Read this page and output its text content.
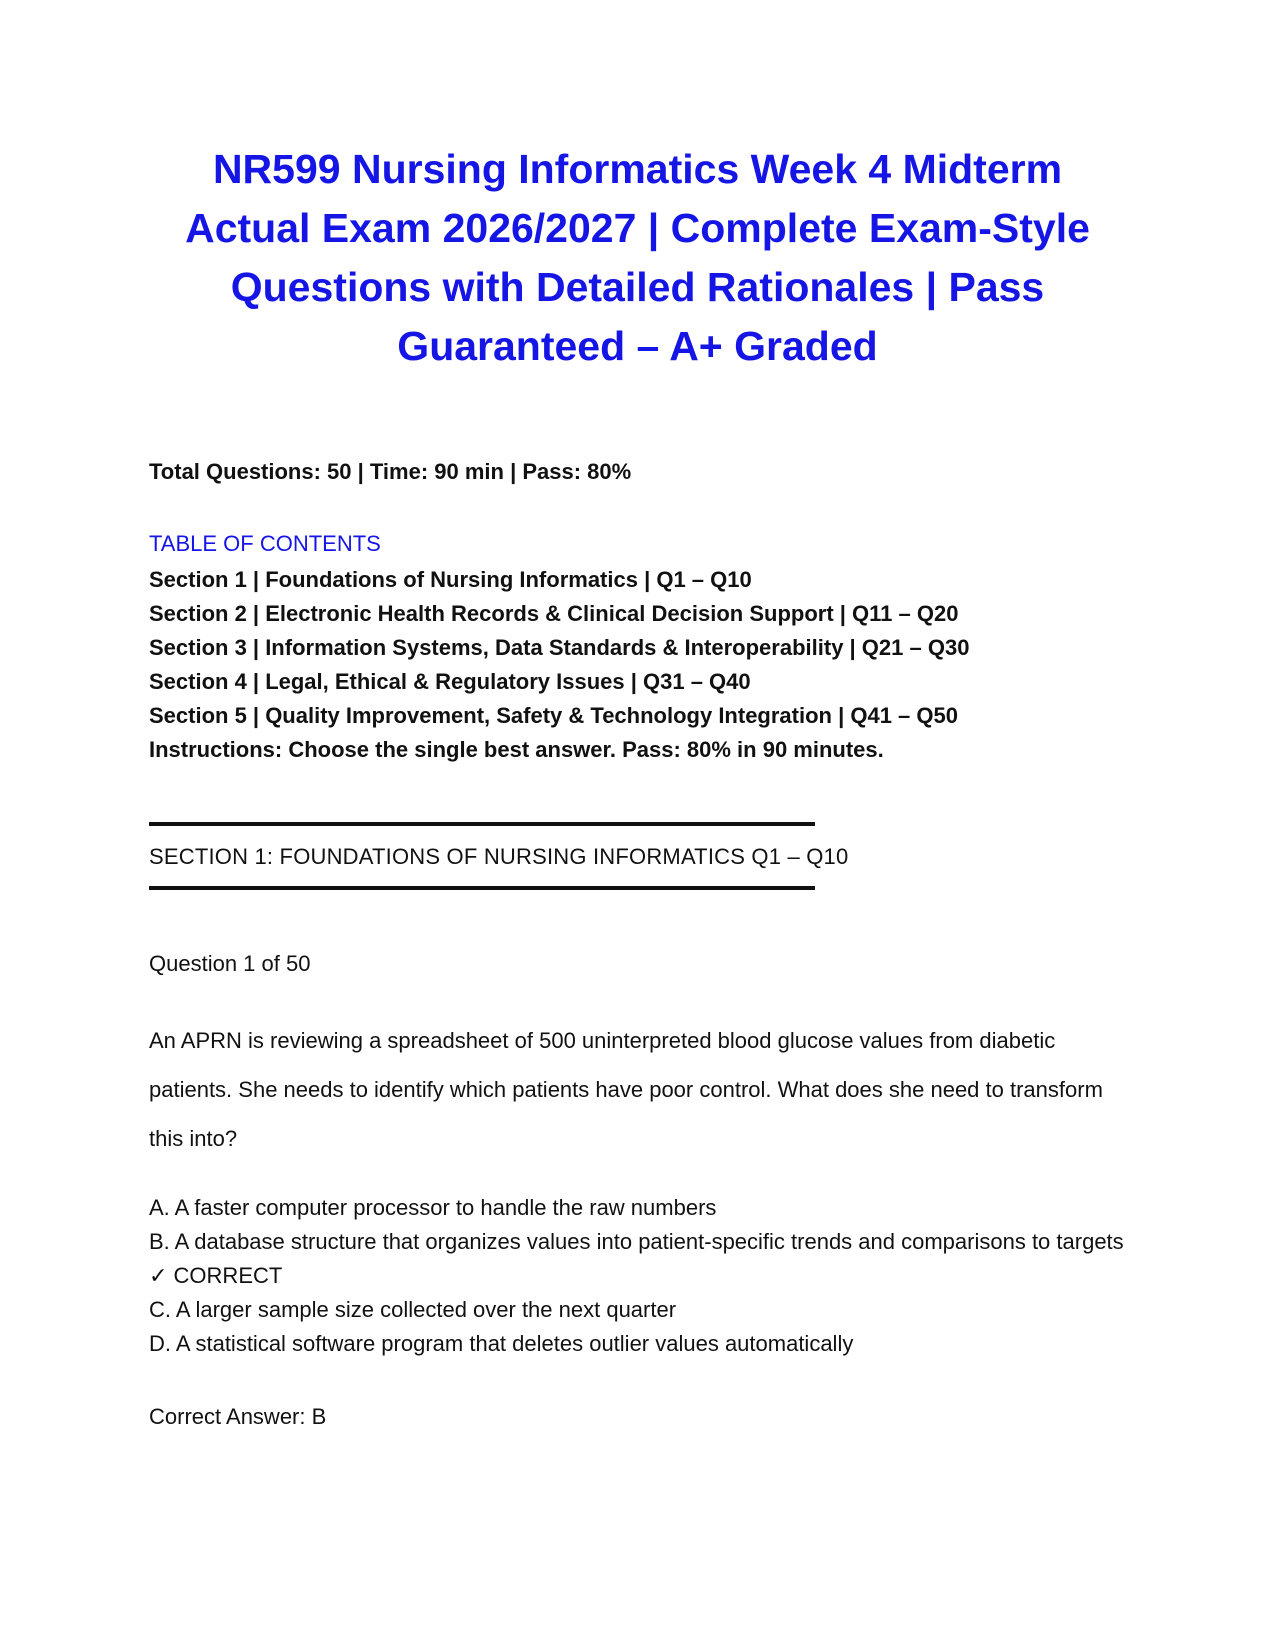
NR599 Nursing Informatics Week 4 Midterm
Actual Exam 2026/2027 | Complete Exam-Style
Questions with Detailed Rationales | Pass
Guaranteed – A+ Graded

Total Questions: 50 | Time: 90 min | Pass: 80%

TABLE OF CONTENTS
Section 1 | Foundations of Nursing Informatics | Q1 – Q10
Section 2 | Electronic Health Records & Clinical Decision Support | Q11 – Q20
Section 3 | Information Systems, Data Standards & Interoperability | Q21 – Q30
Section 4 | Legal, Ethical & Regulatory Issues | Q31 – Q40
Section 5 | Quality Improvement, Safety & Technology Integration | Q41 – Q50
Instructions: Choose the single best answer. Pass: 80% in 90 minutes.
SECTION 1: FOUNDATIONS OF NURSING INFORMATICS Q1 – Q10

Question 1 of 50

An APRN is reviewing a spreadsheet of 500 uninterpreted blood glucose values from diabetic patients. She needs to identify which patients have poor control. What does she need to transform this into?

A. A faster computer processor to handle the raw numbers
B. A database structure that organizes values into patient-specific trends and comparisons to targets ✓ CORRECT
C. A larger sample size collected over the next quarter
D. A statistical software program that deletes outlier values automatically

Correct Answer: B
